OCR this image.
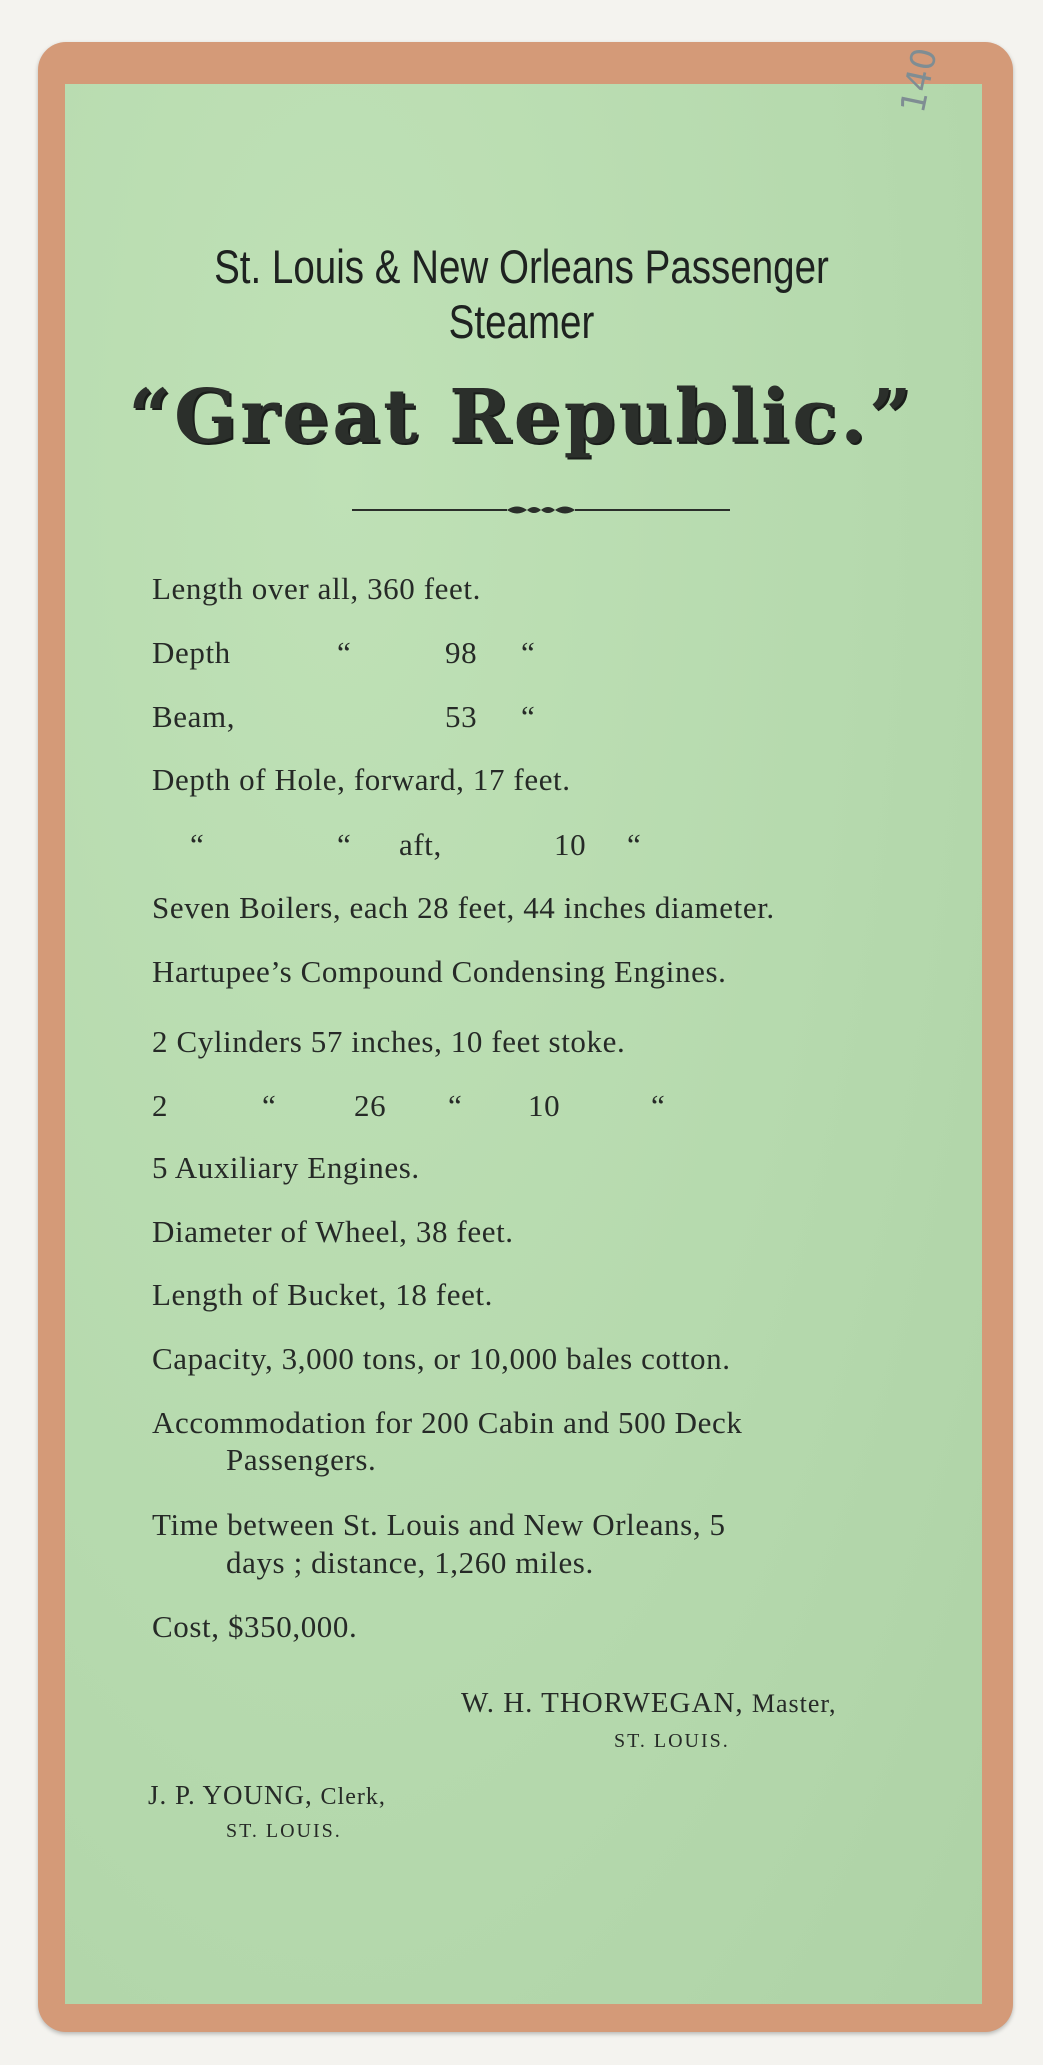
140
St. Louis & New Orleans Passenger
Steamer
“Great Republic.”
Length over all, 360 feet.
Depth	“	98 “
Beam,	53 “
Depth of Hole, forward, 17 feet.
“	“ aft,	10 “
Seven Boilers, each 28 feet, 44 inches diameter.
Hartupee’s Compound Condensing Engines.
2 Cylinders 57 inches, 10 feet stoke.
2	“	26 “ 10	“
5 Auxiliary Engines.
Diameter of Wheel, 38 feet.
Length of Bucket, 18 feet.
Capacity, 3,000 tons, or 10,000 bales cotton.
Accommodation for 200 Cabin and 500 Deck
Passengers.
Time between St. Louis and New Orleans, 5
days ; distance, 1,260 miles.
Cost, $350,000.
W. H. THORWEGAN, Master,
ST. LOUIS.
J. P. YOUNG, Clerk,
ST. LOUIS.
